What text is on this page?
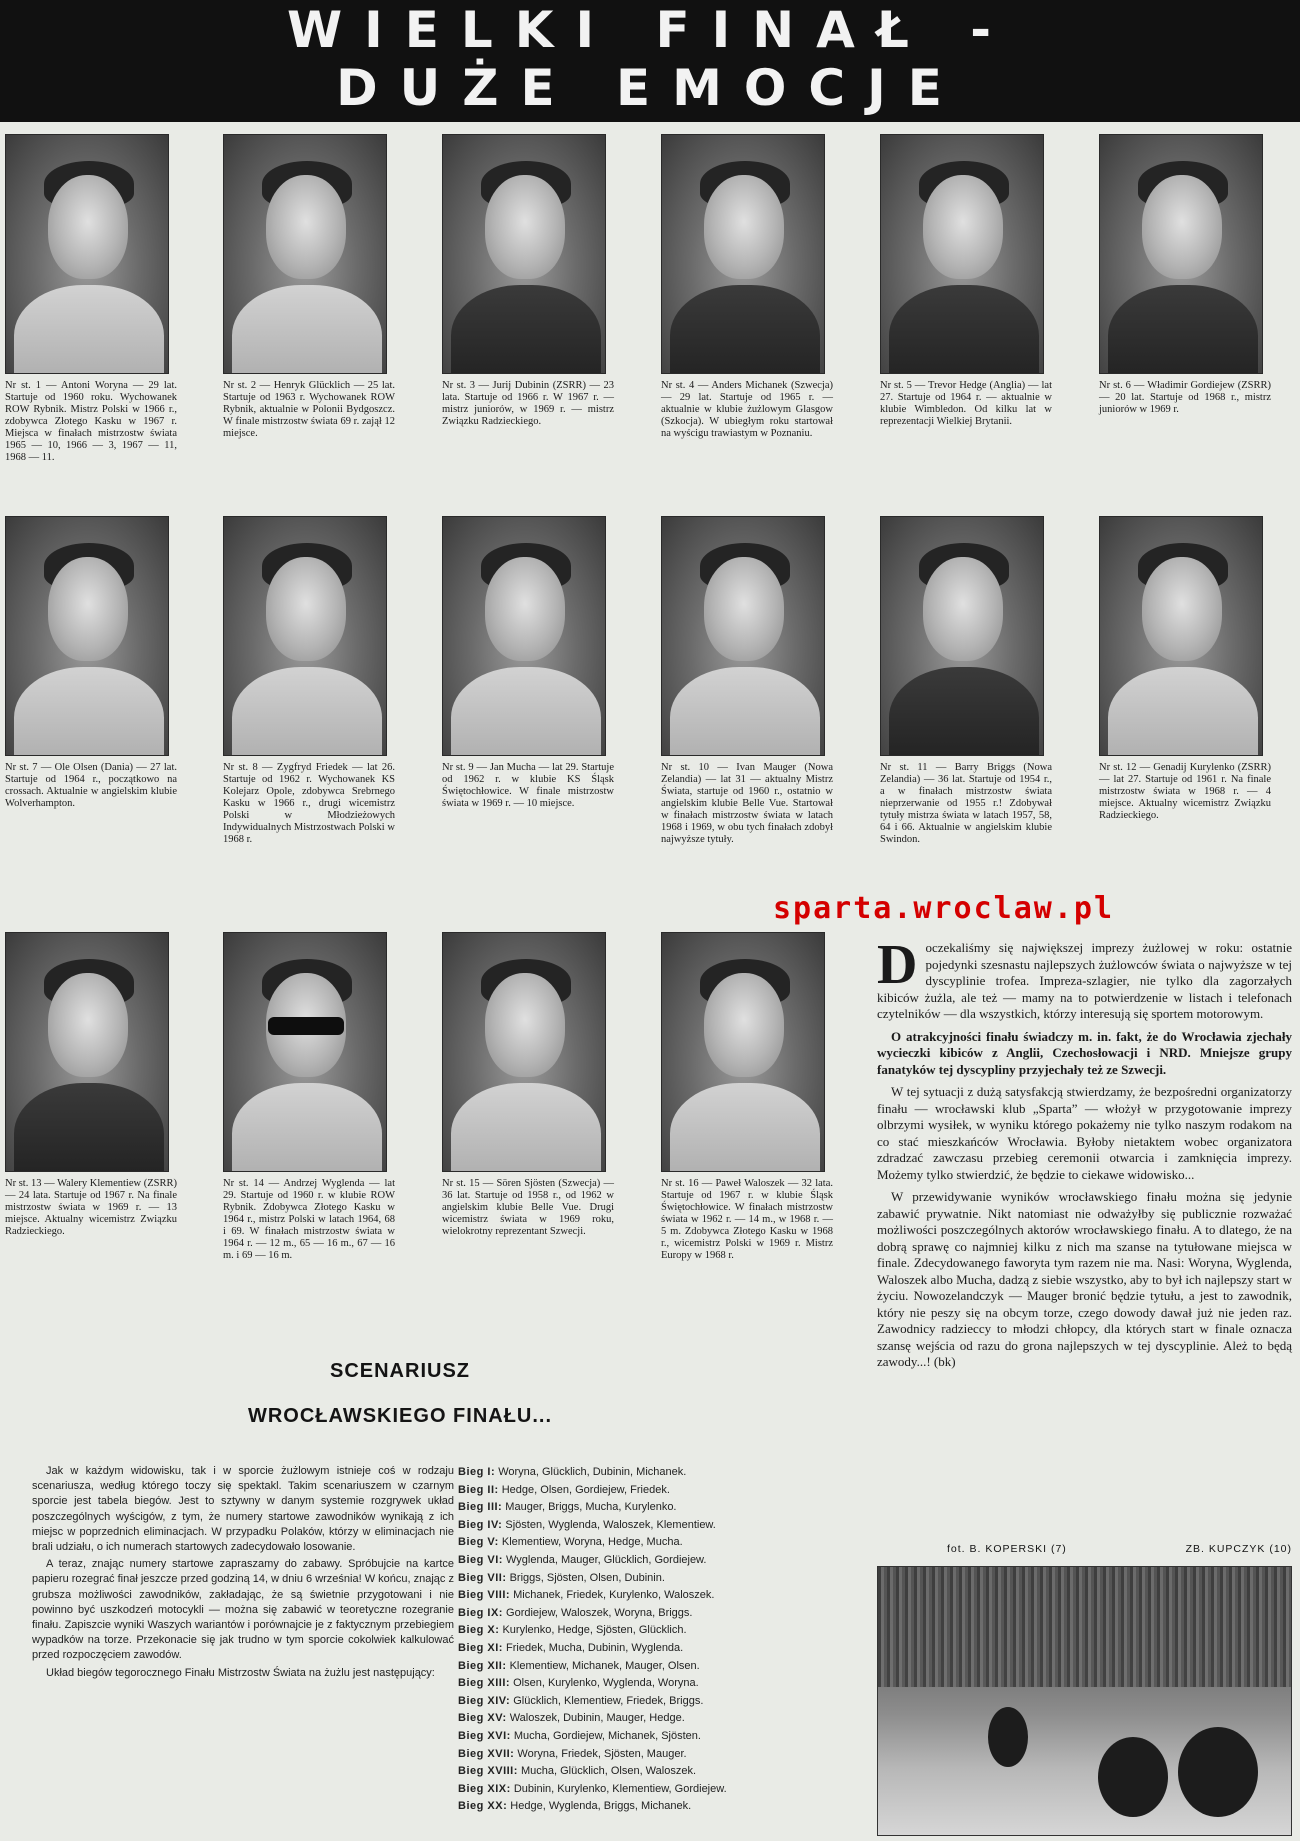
WIELKI FINAŁ -
DUŻE EMOCJE
Nr st. 1 — Antoni Woryna — 29 lat. Startuje od 1960 roku. Wychowanek ROW Rybnik. Mistrz Polski w 1966 r., zdobywca Złotego Kasku w 1967 r. Miejsca w finałach mistrzostw świata 1965 — 10, 1966 — 3, 1967 — 11, 1968 — 11.
Nr st. 2 — Henryk Glücklich — 25 lat. Startuje od 1963 r. Wychowanek ROW Rybnik, aktualnie w Polonii Bydgoszcz. W finale mistrzostw świata 69 r. zajął 12 miejsce.
Nr st. 3 — Jurij Dubinin (ZSRR) — 23 lata. Startuje od 1966 r. W 1967 r. — mistrz juniorów, w 1969 r. — mistrz Związku Radzieckiego.
Nr st. 4 — Anders Michanek (Szwecja) — 29 lat. Startuje od 1965 r. — aktualnie w klubie żużlowym Glasgow (Szkocja). W ubiegłym roku startował na wyścigu trawiastym w Poznaniu.
Nr st. 5 — Trevor Hedge (Anglia) — lat 27. Startuje od 1964 r. — aktualnie w klubie Wimbledon. Od kilku lat w reprezentacji Wielkiej Brytanii.
Nr st. 6 — Władimir Gordiejew (ZSRR) — 20 lat. Startuje od 1968 r., mistrz juniorów w 1969 r.
Nr st. 7 — Ole Olsen (Dania) — 27 lat. Startuje od 1964 r., początkowo na crossach. Aktualnie w angielskim klubie Wolverhampton.
Nr st. 8 — Zygfryd Friedek — lat 26. Startuje od 1962 r. Wychowanek KS Kolejarz Opole, zdobywca Srebrnego Kasku w 1966 r., drugi wicemistrz Polski w Młodzieżowych Indywidualnych Mistrzostwach Polski w 1968 r.
Nr st. 9 — Jan Mucha — lat 29. Startuje od 1962 r. w klubie KS Śląsk Świętochłowice. W finale mistrzostw świata w 1969 r. — 10 miejsce.
Nr st. 10 — Ivan Mauger (Nowa Zelandia) — lat 31 — aktualny Mistrz Świata, startuje od 1960 r., ostatnio w angielskim klubie Belle Vue. Startował w finałach mistrzostw świata w latach 1968 i 1969, w obu tych finałach zdobył najwyższe tytuły.
Nr st. 11 — Barry Briggs (Nowa Zelandia) — 36 lat. Startuje od 1954 r., a w finałach mistrzostw świata nieprzerwanie od 1955 r.! Zdobywał tytuły mistrza świata w latach 1957, 58, 64 i 66. Aktualnie w angielskim klubie Swindon.
Nr st. 12 — Genadij Kurylenko (ZSRR) — lat 27. Startuje od 1961 r. Na finale mistrzostw świata w 1968 r. — 4 miejsce. Aktualny wicemistrz Związku Radzieckiego.
Nr st. 13 — Walery Klementiew (ZSRR) — 24 lata. Startuje od 1967 r. Na finale mistrzostw świata w 1969 r. — 13 miejsce. Aktualny wicemistrz Związku Radzieckiego.
Nr st. 14 — Andrzej Wyglenda — lat 29. Startuje od 1960 r. w klubie ROW Rybnik. Zdobywca Złotego Kasku w 1964 r., mistrz Polski w latach 1964, 68 i 69. W finałach mistrzostw świata w 1964 r. — 12 m., 65 — 16 m., 67 — 16 m. i 69 — 16 m.
Nr st. 15 — Sören Sjösten (Szwecja) — 36 lat. Startuje od 1958 r., od 1962 w angielskim klubie Belle Vue. Drugi wicemistrz świata w 1969 roku, wielokrotny reprezentant Szwecji.
Nr st. 16 — Paweł Waloszek — 32 lata. Startuje od 1967 r. w klubie Śląsk Świętochłowice. W finałach mistrzostw świata w 1962 r. — 14 m., w 1968 r. — 5 m. Zdobywca Złotego Kasku w 1968 r., wicemistrz Polski w 1969 r. Mistrz Europy w 1968 r.
sparta.wroclaw.pl
D oczekaliśmy się największej imprezy żużlowej w roku: ostatnie pojedynki szesnastu najlepszych żużlowców świata o najwyższe w tej dyscyplinie trofea. Impreza-szlagier, nie tylko dla zagorzałych kibiców żużla, ale też — mamy na to potwierdzenie w listach i telefonach czytelników — dla wszystkich, którzy interesują się sportem motorowym.

O atrakcyjności finału świadczy m. in. fakt, że do Wrocławia zjechały wycieczki kibiców z Anglii, Czechosłowacji i NRD. Mniejsze grupy fanatyków tej dyscypliny przyjechały też ze Szwecji.

W tej sytuacji z dużą satysfakcją stwierdzamy, że bezpośredni organizatorzy finału — wrocławski klub „Sparta” — włożył w przygotowanie imprezy olbrzymi wysiłek, w wyniku którego pokażemy nie tylko naszym rodakom na co stać mieszkańców Wrocławia. Byłoby nietaktem wobec organizatora zdradzać zawczasu przebieg ceremonii otwarcia i zamknięcia imprezy. Możemy tylko stwierdzić, że będzie to ciekawe widowisko...

W przewidywanie wyników wrocławskiego finału można się jedynie zabawić prywatnie. Nikt natomiast nie odważyłby się publicznie rozważać możliwości poszczególnych aktorów wrocławskiego finału. A to dlatego, że na dobrą sprawę co najmniej kilku z nich ma szanse na tytułowane miejsca w finale. Zdecydowanego faworyta tym razem nie ma. Nasi: Woryna, Wyglenda, Waloszek albo Mucha, dadzą z siebie wszystko, aby to był ich najlepszy start w życiu. Nowozelandczyk — Mauger bronić będzie tytułu, a jest to zawodnik, który nie peszy się na obcym torze, czego dowody dawał już nie jeden raz. Zawodnicy radzieccy to młodzi chłopcy, dla których start w finale oznacza szansę wejścia od razu do grona najlepszych w tej dyscyplinie. Ależ to będą zawody...! (bk)

fot. B. KOPERSKI (7)	ZB. KUPCZYK (10)
SCENARIUSZ
WROCŁAWSKIEGO FINAŁU...

Jak w każdym widowisku, tak i w sporcie żużlowym istnieje coś w rodzaju scenariusza, według którego toczy się spektakl. Takim scenariuszem w czarnym sporcie jest tabela biegów. Jest to sztywny w danym systemie rozgrywek układ poszczególnych wyścigów, z tym, że numery startowe zawodników wynikają z ich miejsc w poprzednich eliminacjach. W przypadku Polaków, którzy w eliminacjach nie brali udziału, o ich numerach startowych zadecydowało losowanie.

A teraz, znając numery startowe zapraszamy do zabawy. Spróbujcie na kartce papieru rozegrać finał jeszcze przed godziną 14, w dniu 6 września! W końcu, znając z grubsza możliwości zawodników, zakładając, że są świetnie przygotowani i nie powinno być uszkodzeń motocykli — można się zabawić w teoretyczne rozegranie finału. Zapiszcie wyniki Waszych wariantów i porównajcie je z faktycznym przebiegiem wypadków na torze. Przekonacie się jak trudno w tym sporcie cokolwiek kalkulować przed rozpoczęciem zawodów.

Układ biegów tegorocznego Finału Mistrzostw Świata na żużlu jest następujący:

Bieg I: Woryna, Glücklich, Dubinin, Michanek.
Bieg II: Hedge, Olsen, Gordiejew, Friedek.
Bieg III: Mauger, Briggs, Mucha, Kurylenko.
Bieg IV: Sjösten, Wyglenda, Waloszek, Klementiew.
Bieg V: Klementiew, Woryna, Hedge, Mucha.
Bieg VI: Wyglenda, Mauger, Glücklich, Gordiejew.
Bieg VII: Briggs, Sjösten, Olsen, Dubinin.
Bieg VIII: Michanek, Friedek, Kurylenko, Waloszek.
Bieg IX: Gordiejew, Waloszek, Woryna, Briggs.
Bieg X: Kurylenko, Hedge, Sjösten, Glücklich.
Bieg XI: Friedek, Mucha, Dubinin, Wyglenda.
Bieg XII: Klementiew, Michanek, Mauger, Olsen.
Bieg XIII: Olsen, Kurylenko, Wyglenda, Woryna.
Bieg XIV: Glücklich, Klementiew, Friedek, Briggs.
Bieg XV: Waloszek, Dubinin, Mauger, Hedge.
Bieg XVI: Mucha, Gordiejew, Michanek, Sjösten.
Bieg XVII: Woryna, Friedek, Sjösten, Mauger.
Bieg XVIII: Mucha, Glücklich, Olsen, Waloszek.
Bieg XIX: Dubinin, Kurylenko, Klementiew, Gordiejew.
Bieg XX: Hedge, Wyglenda, Briggs, Michanek.
